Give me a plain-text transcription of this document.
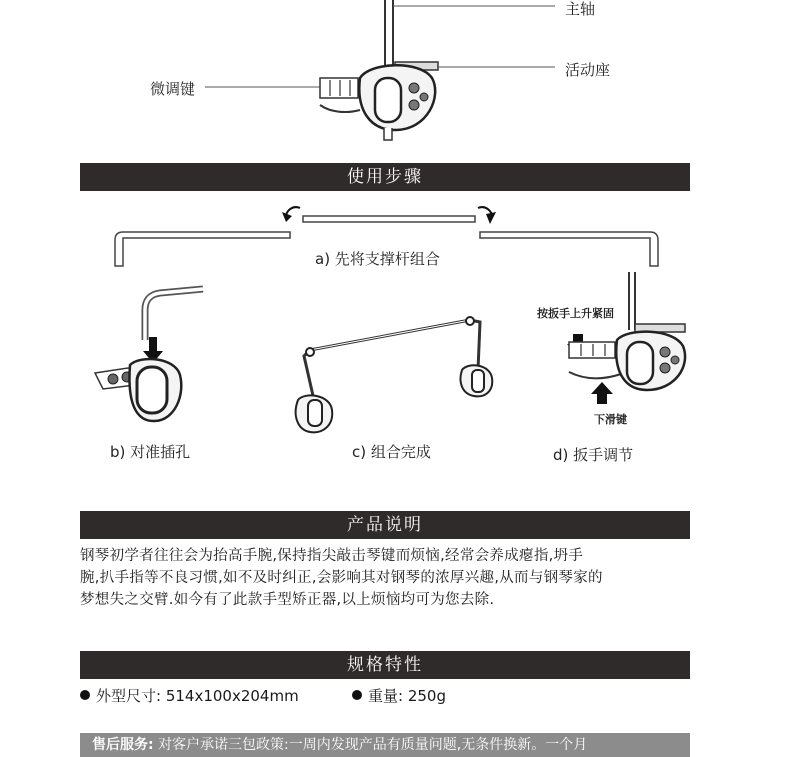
主轴
活动座
微调键
使用步骤
a) 先将支撑杆组合
b) 对准插孔	c) 组合完成
按扳手上升紧固
下滑键
d) 扳手调节
产品说明
钢琴初学者往往会为抬高手腕,保持指尖敲击琴键而烦恼,经常会养成瘪指,坍手
腕,扒手指等不良习惯,如不及时纠正,会影响其对钢琴的浓厚兴趣,从而与钢琴家的
梦想失之交臂.如今有了此款手型矫正器,以上烦恼均可为您去除.
规格特性
外型尺寸: 514x100x204mm	重量: 250g
售后服务: 对客户承诺三包政策:一周内发现产品有质量问题,无条件换新。一个月
